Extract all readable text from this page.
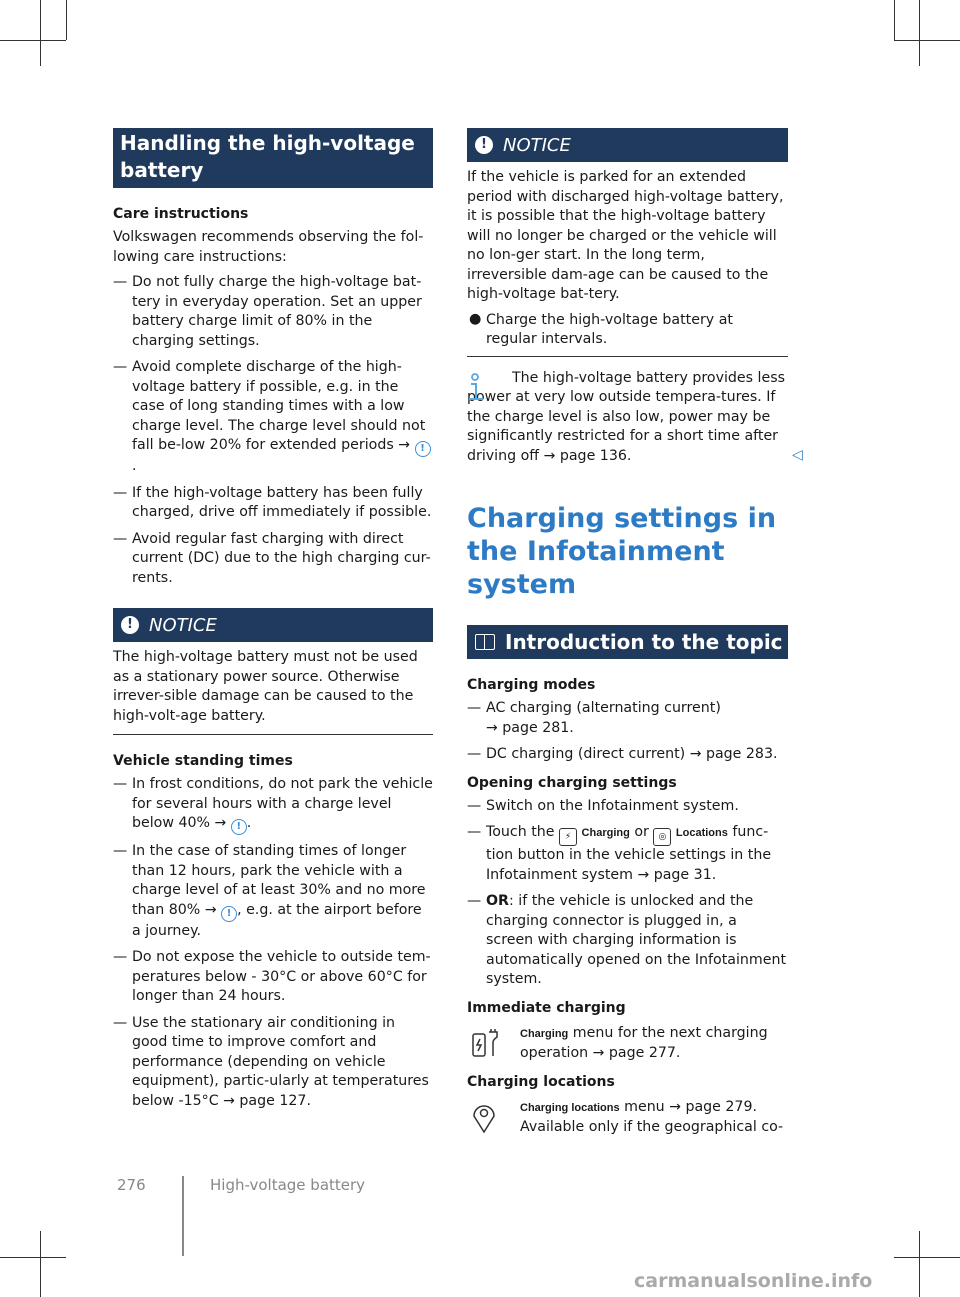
Handling the high-voltage battery
Care instructions

Volkswagen recommends observing the fol-lowing care instructions:

— Do not fully charge the high-voltage bat-tery in everyday operation. Set an upper battery charge limit of 80% in the charging settings.
— Avoid complete discharge of the high-voltage battery if possible, e.g. in the case of long standing times with a low charge level. The charge level should not fall be-low 20% for extended periods → !.
— If the high-voltage battery has been fully charged, drive off immediately if possible.
— Avoid regular fast charging with direct current (DC) due to the high charging cur-rents.
! NOTICE

The high-voltage battery must not be used as a stationary power source. Otherwise irrever-sible damage can be caused to the high-volt-age battery.

Vehicle standing times
— In frost conditions, do not park the vehicle for several hours with a charge level below 40% → ! .
— In the case of standing times of longer than 12 hours, park the vehicle with a charge level of at least 30% and no more than 80% → ! , e.g. at the airport before a journey.
— Do not expose the vehicle to outside tem-peratures below - 30°C or above 60°C for longer than 24 hours.
— Use the stationary air conditioning in good time to improve comfort and performance (depending on vehicle equipment), partic-ularly at temperatures below -15°C → page 127.
! NOTICE

If the vehicle is parked for an extended period with discharged high-voltage battery, it is possible that the high-voltage battery will no longer be charged or the vehicle will no lon-ger start. In the long term, irreversible dam-age can be caused to the high-voltage bat-tery.

● Charge the high-voltage battery at regular intervals.

The high-voltage battery provides less power at very low outside tempera-tures. If the charge level is also low, power may be significantly restricted for a short time after driving off → page 136.

Charging settings in the Infotainment system
Introduction to the topic
Charging modes
— AC charging (alternating current)
→ page 281.
— DC charging (direct current) → page 283.
Opening charging settings
— Switch on the Infotainment system.
— Touch the ⚡ Charging or ◎ Locations func-tion button in the vehicle settings in the Infotainment system → page 31.
— OR: if the vehicle is unlocked and the charging connector is plugged in, a screen with charging information is automatically opened on the Infotainment system.
Immediate charging

Charging menu for the next charging operation → page 277.

Charging locations

Charging locations menu → page 279.
Available only if the geographical co-

◁
276	High-voltage battery
carmanualsonline.info
